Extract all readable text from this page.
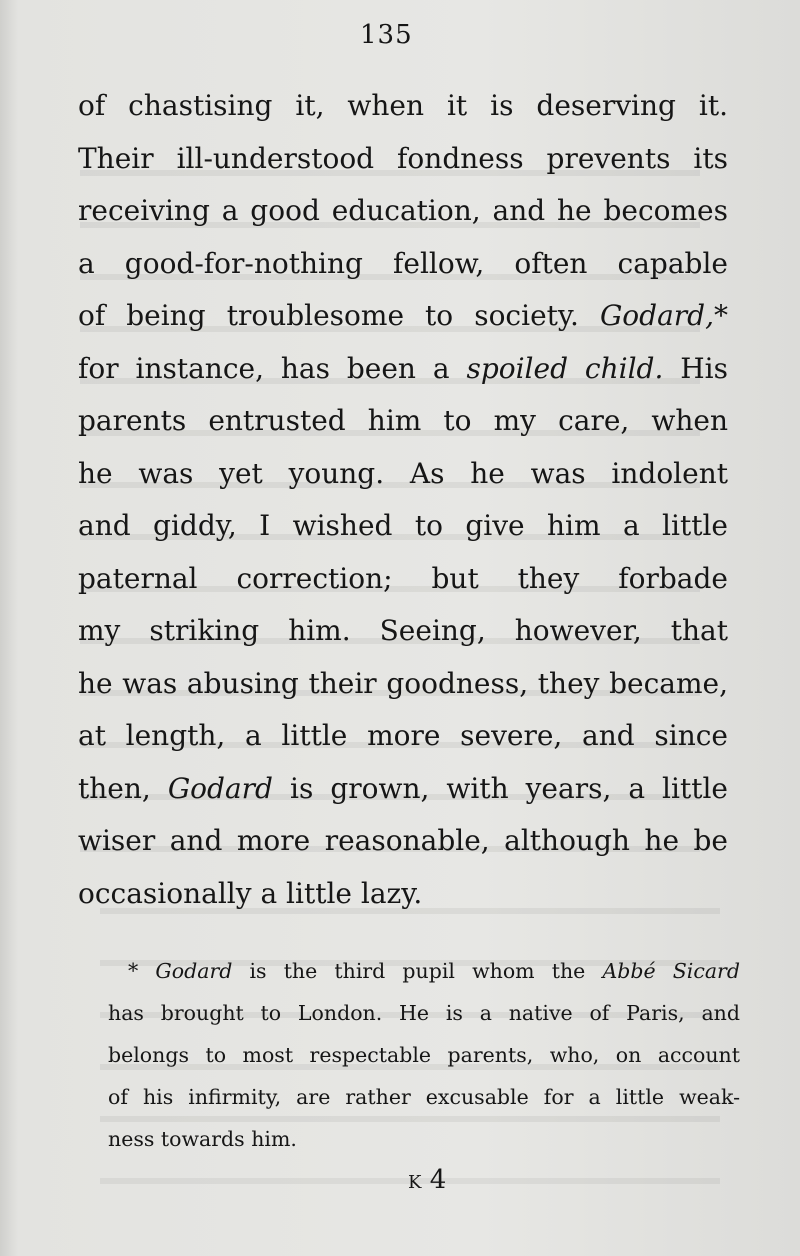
135
of chastising it, when it is deserving it.
Their ill-understood fondness prevents its
receiving a good education, and he becomes
a good-for-nothing fellow, often capable
of being troublesome to society. Godard,*
for instance, has been a spoiled child. His
parents entrusted him to my care, when
he was yet young. As he was indolent
and giddy, I wished to give him a little
paternal correction; but they forbade
my striking him. Seeing, however, that
he was abusing their goodness, they became,
at length, a little more severe, and since
then, Godard is grown, with years, a little
wiser and more reasonable, although he be
occasionally a little lazy.
* Godard is the third pupil whom the Abbé Sicard
has brought to London. He is a native of Paris, and
belongs to most respectable parents, who, on account
of his infirmity, are rather excusable for a little weak-
ness towards him.
K 4
